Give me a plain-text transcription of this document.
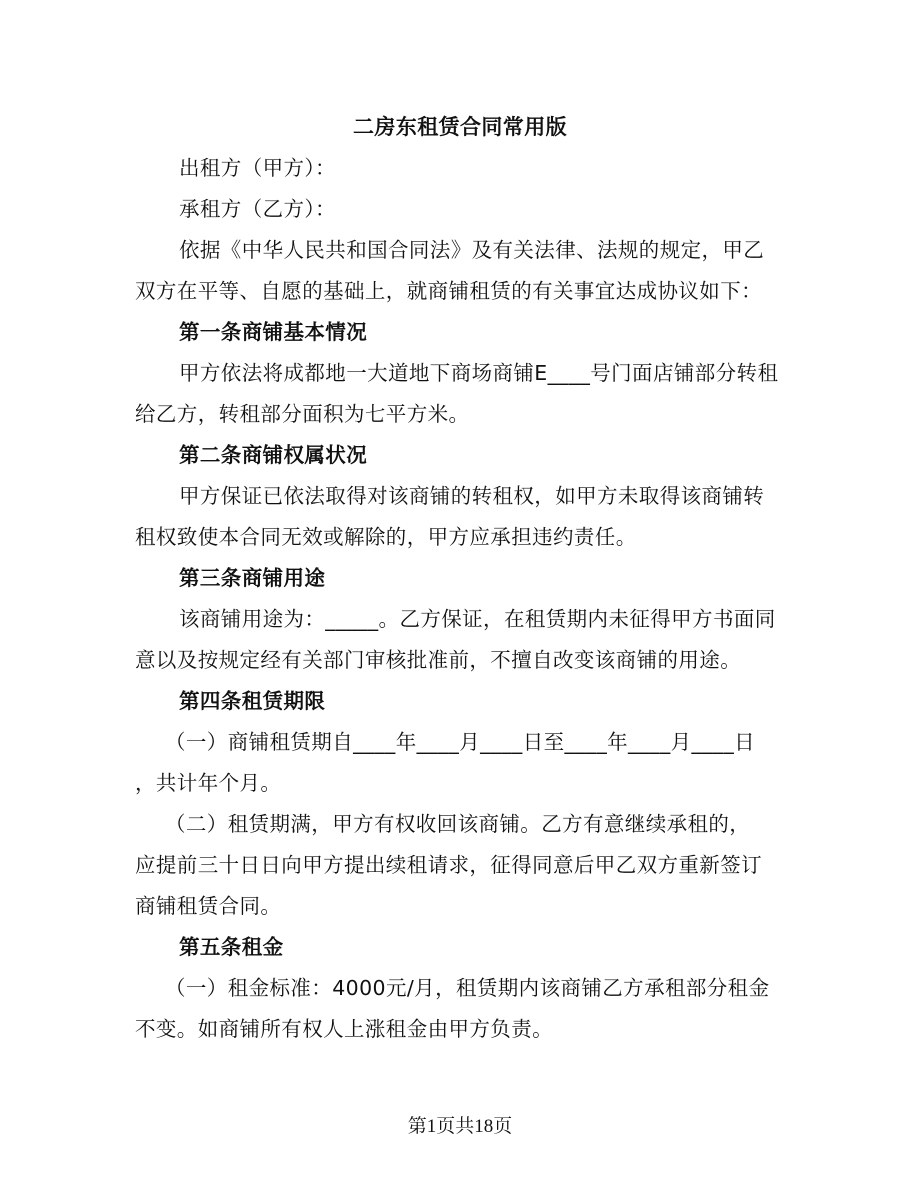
二房东租赁合同常用版
出租方（甲方）：
承租方（乙方）：
依据《中华人民共和国合同法》及有关法律、法规的规定，甲乙
双方在平等、自愿的基础上，就商铺租赁的有关事宜达成协议如下：
第一条商铺基本情况
甲方依法将成都地一大道地下商场商铺E____号门面店铺部分转租
给乙方，转租部分面积为七平方米。
第二条商铺权属状况
甲方保证已依法取得对该商铺的转租权，如甲方未取得该商铺转
租权致使本合同无效或解除的，甲方应承担违约责任。
第三条商铺用途
该商铺用途为：_____。乙方保证，在租赁期内未征得甲方书面同
意以及按规定经有关部门审核批准前，不擅自改变该商铺的用途。
第四条租赁期限
（一）商铺租赁期自____年____月____日至____年____月____日
，共计年个月。
（二）租赁期满，甲方有权收回该商铺。乙方有意继续承租的，
应提前三十日日向甲方提出续租请求，征得同意后甲乙双方重新签订
商铺租赁合同。
第五条租金
（一）租金标准：4000元/月，租赁期内该商铺乙方承租部分租金
不变。如商铺所有权人上涨租金由甲方负责。
第1页共18页
